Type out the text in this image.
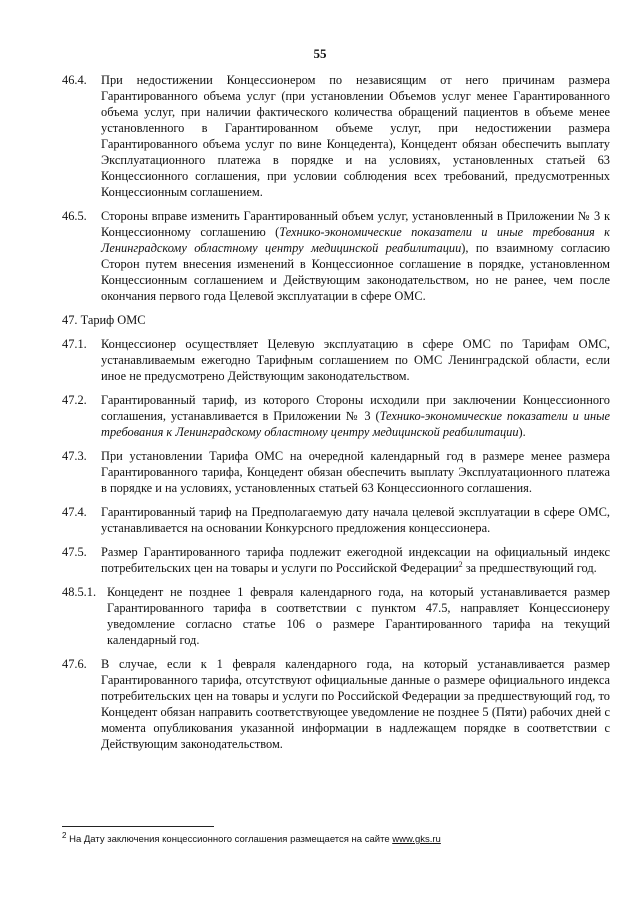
55
46.4.	При недостижении Концессионером по независящим от него причинам размера Гарантированного объема услуг (при установлении Объемов услуг менее Гарантированного объема услуг, при наличии фактического количества обращений пациентов в объеме менее установленного в Гарантированном объеме услуг, при недостижении размера Гарантированного объема услуг по вине Концедента), Концедент обязан обеспечить выплату Эксплуатационного платежа в порядке и на условиях, установленных статьей 63 Концессионного соглашения, при условии соблюдения всех требований, предусмотренных Концессионным соглашением.
46.5.	Стороны вправе изменить Гарантированный объем услуг, установленный в Приложении № 3 к Концессионному соглашению (Технико-экономические показатели и иные требования к Ленинградскому областному центру медицинской реабилитации), по взаимному согласию Сторон путем внесения изменений в Концессионное соглашение в порядке, установленном Концессионным соглашением и Действующим законодательством, но не ранее, чем после окончания первого года Целевой эксплуатации в сфере ОМС.
47. Тариф ОМС
47.1.	Концессионер осуществляет Целевую эксплуатацию в сфере ОМС по Тарифам ОМС, устанавливаемым ежегодно Тарифным соглашением по ОМС Ленинградской области, если иное не предусмотрено Действующим законодательством.
47.2.	Гарантированный тариф, из которого Стороны исходили при заключении Концессионного соглашения, устанавливается в Приложении № 3 (Технико-экономические показатели и иные требования к Ленинградскому областному центру медицинской реабилитации).
47.3.	При установлении Тарифа ОМС на очередной календарный год в размере менее размера Гарантированного тарифа, Концедент обязан обеспечить выплату Эксплуатационного платежа в порядке и на условиях, установленных статьей 63 Концессионного соглашения.
47.4.	Гарантированный тариф на Предполагаемую дату начала целевой эксплуатации в сфере ОМС, устанавливается на основании Конкурсного предложения концессионера.
47.5.	Размер Гарантированного тарифа подлежит ежегодной индексации на официальный индекс потребительских цен на товары и услуги по Российской Федерации$^2$ за предшествующий год.
48.5.1. Концедент не позднее 1 февраля календарного года, на который устанавливается размер Гарантированного тарифа в соответствии с пунктом 47.5, направляет Концессионеру уведомление согласно статье 106 о размере Гарантированного тарифа на текущий календарный год.
47.6.	В случае, если к 1 февраля календарного года, на который устанавливается размер Гарантированного тарифа, отсутствуют официальные данные о размере официального индекса потребительских цен на товары и услуги по Российской Федерации за предшествующий год, то Концедент обязан направить соответствующее уведомление не позднее 5 (Пяти) рабочих дней с момента опубликования указанной информации в надлежащем порядке в соответствии с Действующим законодательством.
$^2$ На Дату заключения концессионного соглашения размещается на сайте www.gks.ru
